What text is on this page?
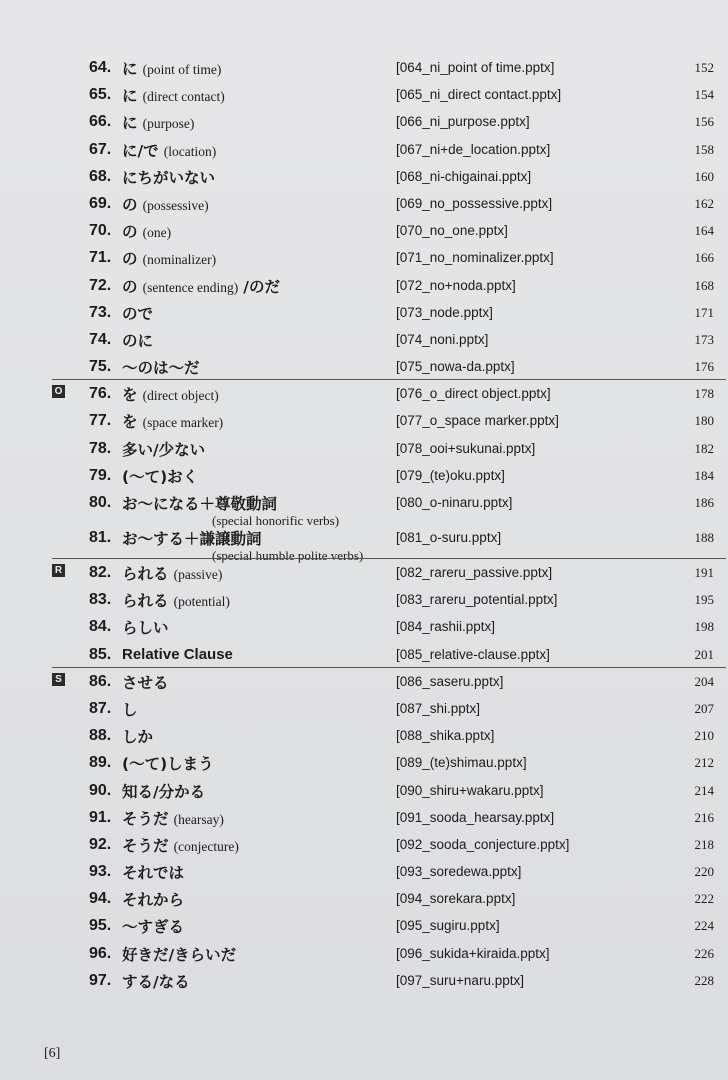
64. に (point of time)	[064_ni_point of time.pptx]	152
65. に (direct contact)	[065_ni_direct contact.pptx]	154
66. に (purpose)	[066_ni_purpose.pptx]	156
67. に/で (location)	[067_ni+de_location.pptx]	158
68. にちがいない	[068_ni-chigainai.pptx]	160
69. の (possessive)	[069_no_possessive.pptx]	162
70. の (one)	[070_no_one.pptx]	164
71. の (nominalizer)	[071_no_nominalizer.pptx]	166
72. の (sentence ending) /のだ	[072_no+noda.pptx]	168
73. ので	[073_node.pptx]	171
74. のに	[074_noni.pptx]	173
75. ～のは～だ	[075_nowa-da.pptx]	176
O 76. を (direct object)	[076_o_direct object.pptx]	178
77. を (space marker)	[077_o_space marker.pptx]	180
78. 多い/少ない	[078_ooi+sukunai.pptx]	182
79. (～て)おく	[079_(te)oku.pptx]	184
80. お～になる＋尊敬動詞
(special honorific verbs)
[080_o-ninaru.pptx]	186
81. お～する＋謙譲動詞
(special humble polite verbs)
[081_o-suru.pptx]	188
R 82. られる (passive)	[082_rareru_passive.pptx]	191
83. られる (potential)	[083_rareru_potential.pptx]	195
84. らしい	[084_rashii.pptx]	198
85. Relative Clause	[085_relative-clause.pptx]	201
S 86. させる	[086_saseru.pptx]	204
87. し	[087_shi.pptx]	207
88. しか	[088_shika.pptx]	210
89. (～て)しまう	[089_(te)shimau.pptx]	212
90. 知る/分かる	[090_shiru+wakaru.pptx]	214
91. そうだ (hearsay)	[091_sooda_hearsay.pptx]	216
92. そうだ (conjecture)	[092_sooda_conjecture.pptx]	218
93. それでは	[093_soredewa.pptx]	220
94. それから	[094_sorekara.pptx]	222
95. ～すぎる	[095_sugiru.pptx]	224
96. 好きだ/きらいだ	[096_sukida+kiraida.pptx]	226
97. する/なる	[097_suru+naru.pptx]	228
[6]
